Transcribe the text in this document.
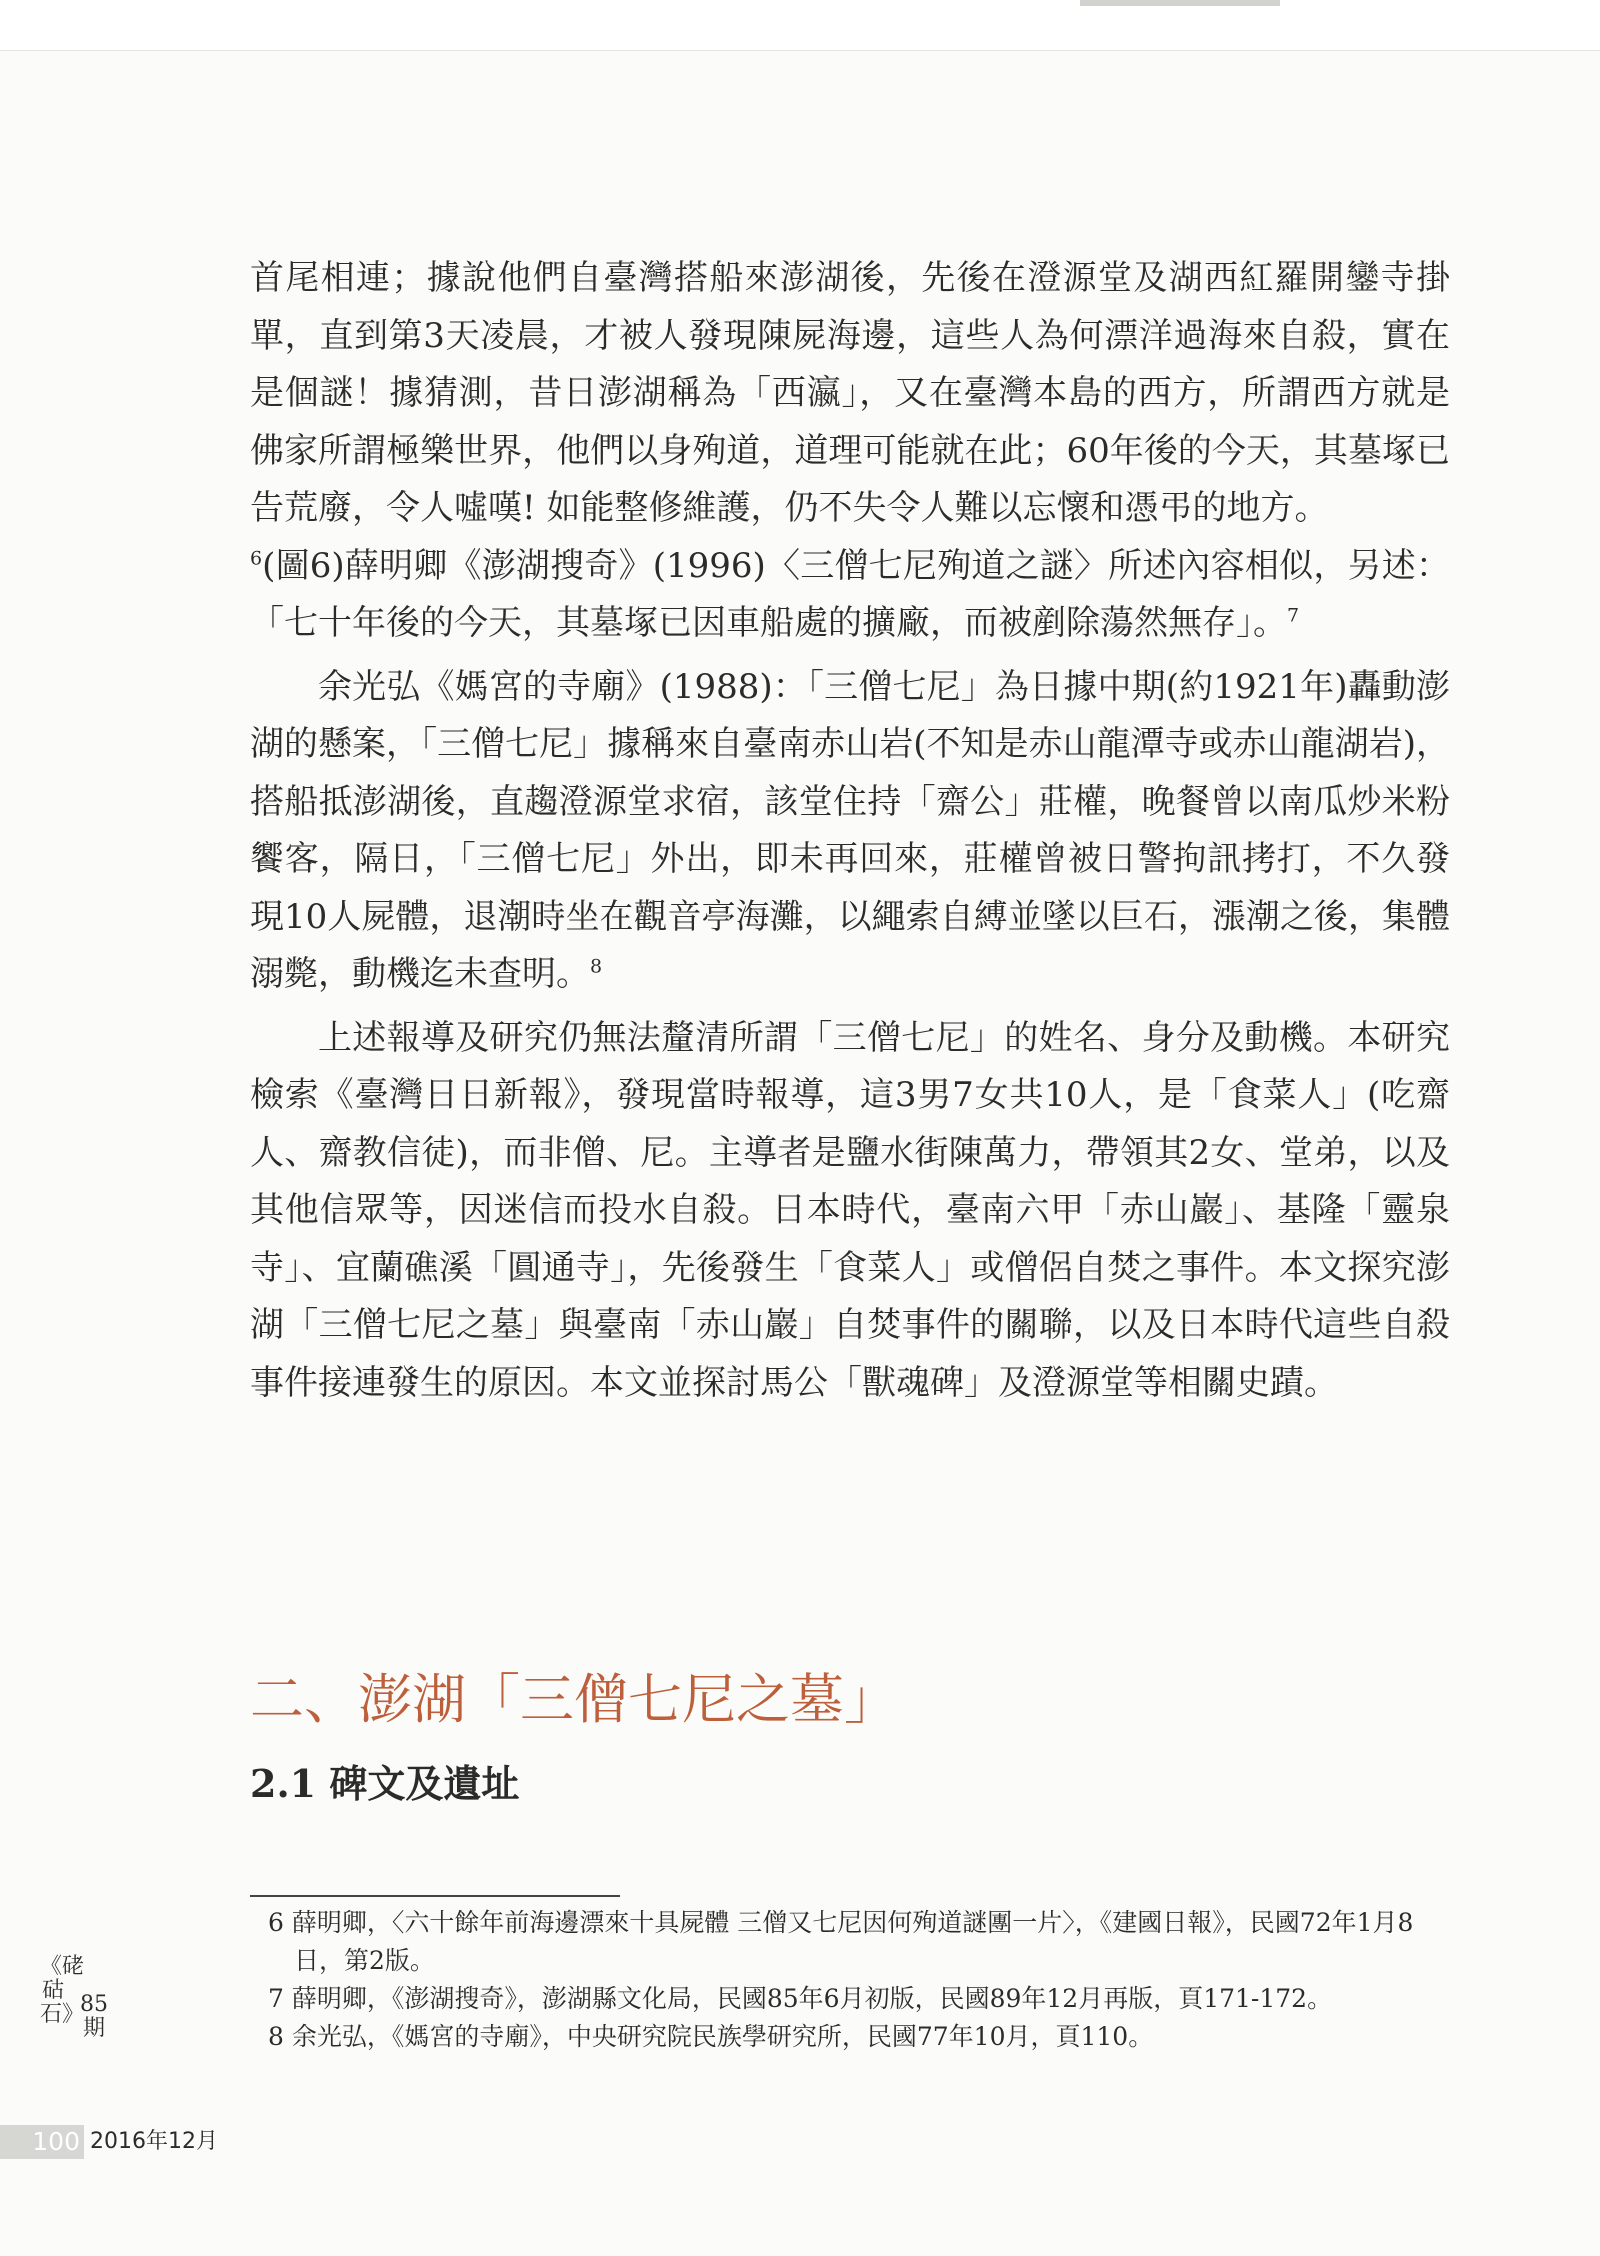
首尾相連；據說他們自臺灣搭船來澎湖後，先後在澄源堂及湖西紅羅開鑾寺掛單，直到第3天凌晨，才被人發現陳屍海邊，這些人為何漂洋過海來自殺，實在是個謎！據猜測，昔日澎湖稱為「西瀛」，又在臺灣本島的西方，所謂西方就是佛家所謂極樂世界，他們以身殉道，道理可能就在此；60年後的今天，其墓塚已告荒廢，令人噓嘆! 如能整修維護，仍不失令人難以忘懷和憑弔的地方。

$^6$(圖6)薛明卿《澎湖搜奇》(1996)〈三僧七尼殉道之謎〉所述內容相似，另述：「七十年後的今天，其墓塚已因車船處的擴廠，而被剷除蕩然無存」。$^7$

余光弘《媽宮的寺廟》(1988)：「三僧七尼」為日據中期(約1921年)轟動澎湖的懸案，「三僧七尼」據稱來自臺南赤山岩(不知是赤山龍潭寺或赤山龍湖岩)，搭船抵澎湖後，直趨澄源堂求宿，該堂住持「齋公」莊權，晚餐曾以南瓜炒米粉饗客，隔日，「三僧七尼」外出，即未再回來，莊權曾被日警拘訊拷打，不久發現10人屍體，退潮時坐在觀音亭海灘，以繩索自縛並墜以巨石，漲潮之後，集體溺斃，動機迄未查明。$^8$

上述報導及研究仍無法釐清所謂「三僧七尼」的姓名、身分及動機。本研究檢索《臺灣日日新報》，發現當時報導，這3男7女共10人，是「食菜人」(吃齋人、齋教信徒)，而非僧、尼。主導者是鹽水街陳萬力，帶領其2女、堂弟，以及其他信眾等，因迷信而投水自殺。日本時代，臺南六甲「赤山巖」、基隆「靈泉寺」、宜蘭礁溪「圓通寺」，先後發生「食菜人」或僧侶自焚之事件。本文探究澎湖「三僧七尼之墓」與臺南「赤山巖」自焚事件的關聯，以及日本時代這些自殺事件接連發生的原因。本文並探討馬公「獸魂碑」及澄源堂等相關史蹟。

二、澎湖「三僧七尼之墓」
2.1 碑文及遺址
6 薛明卿，〈六十餘年前海邊漂來十具屍體 三僧又七尼因何殉道謎團一片〉，《建國日報》，民國72年1月8日，第2版。
7 薛明卿，《澎湖搜奇》，澎湖縣文化局，民國85年6月初版，民國89年12月再版，頁171-172。
8 余光弘，《媽宮的寺廟》，中央研究院民族學研究所，民國77年10月，頁110。
《硓𥑮石》
85期
100 2016年12月
